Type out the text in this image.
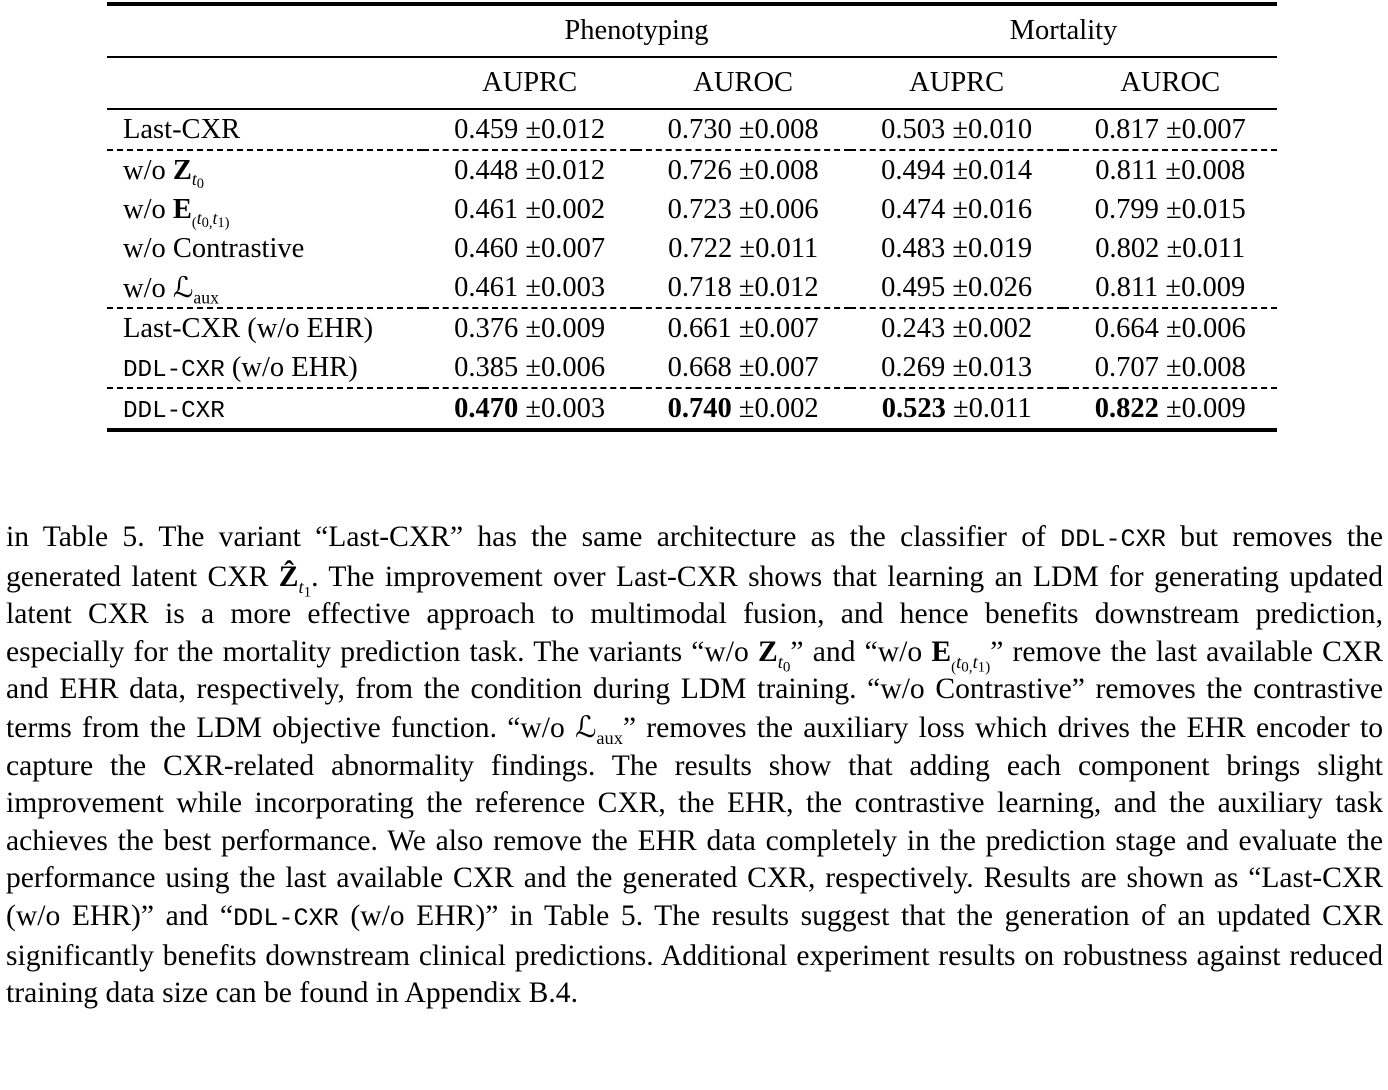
	Phenotyping		Mortality	
	AUPRC	AUROC	AUPRC	AUROC
Last-CXR	0.459 ±0.012	0.730 ±0.008	0.503 ±0.010	0.817 ±0.007
w/o $Z_{t0}$	0.448 ±0.012	0.726 ±0.008	0.494 ±0.014	0.811 ±0.008
w/o $E_{(t0,t1)}$	0.461 ±0.002	0.723 ±0.006	0.474 ±0.016	0.799 ±0.015
w/o Contrastive	0.460 ±0.007	0.722 ±0.011	0.483 ±0.019	0.802 ±0.011
w/o ℒ$_{aux}$	0.461 ±0.003	0.718 ±0.012	0.495 ±0.026	0.811 ±0.009
Last-CXR (w/o EHR)	0.376 ±0.009	0.661 ±0.007	0.243 ±0.002	0.664 ±0.006
DDL-CXR (w/o EHR)	0.385 ±0.006	0.668 ±0.007	0.269 ±0.013	0.707 ±0.008
DDL-CXR	0.470 ±0.003	0.740 ±0.002	0.523 ±0.011	0.822 ±0.009
in Table 5. The variant “Last-CXR” has the same architecture as the classifier of DDL-CXR but removes the generated latent CXR Ẑ$_{t1}$. The improvement over Last-CXR shows that learning an LDM for generating updated latent CXR is a more effective approach to multimodal fusion, and hence benefits downstream prediction, especially for the mortality prediction task. The variants “w/o $Z_{t0}$” and “w/o $E_{(t0,t1)}$” remove the last available CXR and EHR data, respectively, from the condition during LDM training. “w/o Contrastive” removes the contrastive terms from the LDM objective function. “w/o ℒ$_{aux}$” removes the auxiliary loss which drives the EHR encoder to capture the CXR-related abnormality findings. The results show that adding each component brings slight improvement while incorporating the reference CXR, the EHR, the contrastive learning, and the auxiliary task achieves the best performance. We also remove the EHR data completely in the prediction stage and evaluate the performance using the last available CXR and the generated CXR, respectively. Results are shown as “Last-CXR (w/o EHR)” and “DDL-CXR (w/o EHR)” in Table 5. The results suggest that the generation of an updated CXR significantly benefits downstream clinical predictions. Additional experiment results on robustness against reduced training data size can be found in Appendix B.4.
